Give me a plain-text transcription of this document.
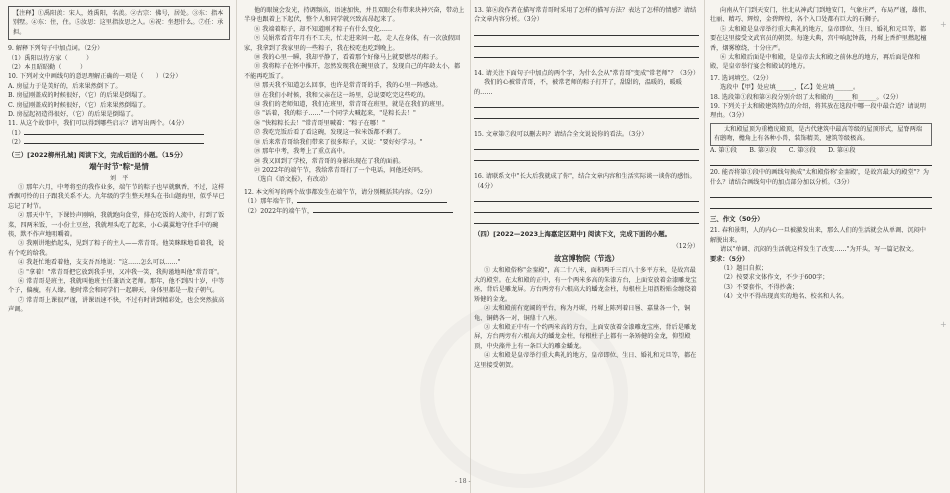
+
+

【注释】①禹阳羡：宋人，姓禹阳，名羡。②古宗：佛号，居处。③东：指本别墅。④东：住，住。⑤汝思：这里指汝思之人。⑥祝：坐想什么。⑦任：承担。

9. 解释下列句子中加点词。（2分）

（1）禹阳以待方家（　　　）

（2）本且昭昭勤（　　　）

10. 下列对文中画线句的意思理解正确的一项是（　　）（2分）

A. 房屋力于是美好的，后来果然倒下了。

B. 房屋刚盖成的时候很好，（它）的后果是倒塌了。

C. 房屋刚盖成的时候很好，（它）后来果然倒塌了。

D. 房屋起初造得很好，（它）的后果是倒塌了。

11. 从这个故事中，我们可以得到哪些启示？请写出两个。（4分）

（1）

（2）

（三）[2022柳州孔城] 阅读下文，完成后面的小题。（15分）

端午时节"粽"是情

刘　平

① 那年六月，中考将至的我作业多，端午节的粽子也早就飘香，不过，这样香飘可怜的日子跟我关系不大。九年级的学生整天埋头在书山题海里，似乎早已忘记了时节。

② 那天中午，下课铃声刚响，我就跑向食堂，排在吃饭的人流中，打到了饭菜，四两米饭，一小份土豆丝，我就埋头吃了起来，小心翼翼地守住手中的碗筷，默不作声地咀嚼着。

③ 我刚讲地抬起头，见到了粽子的主人——常青哥。他笑眯眯地看着我，说有个吃的给我。

④ 我赶忙地看着他，支支吾吾地说："这……怎么可以……"

⑤ "拿着！"常青哥把它放到我手里，又冲我一笑，我拘谨地叫他"常青哥"。

⑥ 常青哥是班主，我就叫他班主任兼语文老师。那年，他不到四十岁，中等个子，偏瘦，有人缘。他时常会和同学们一起聊天，身体里都是一股子朝气。

⑦ 常青哥上课很严谨，讲课语速不快，不过有时讲到精彩处，也会突然拔高声调。

他的眼镜会发光，持调频高，语速加快，并且双眼会有带来块神兴奋，带动上半身也跟着上下起伏，整个人和同学就兴致高昂起来了。

⑧ 我端着粽子，却不知道刚才粽子有什么变化……

⑨ 吴娟常看青年月有不工夫，忙走进来问一起，走人在身体，有一次放假回家，我拿到了我家里的一些粽子，我在校吃也吃到晚上。

⑩ 我的心里一瞬，我却平静了，看着那个好像马上就要燃尽的粽子。

⑪ 我将粽子在怀中推开，忽然发现我在碗里放了，发现自己的年龄太小，都不能再吃饭了。

⑫ 那天我不知道怎么回事，也许是常青哥的手，我的心里一阵感动。

⑬ 在我们小时候，我和父亲在这一场里，总说要吃完这些吃的。

⑭ 我们的老师知道，我们在班里，常青哥在班里，就是在我们的班里。

⑮ "话着，我的粽子……"一个同学大喊起来，"是粽长去！"

⑯ "快粽粽长去！"常青哥里喊着："粽子在哪！"

⑰ 我吃完饭后看了看这碗，发现这一粒米饭都不剩了。

⑱ 后来常青哥给我们带来了很多粽子，又说："要好好学习。"

⑲ 那年中考，我考上了重点高中。

⑳ 我又回到了学校，常青哥的身影出现在了我的面前。

㉑ 2022年的端午节，我给常青哥打了一个电话，问他还好吗。

（选自《语文报》，有改动）

12. 本文所写的两个故事都发生在端午节，请分别概括其内容。（2分）

（1）那年端午节，

（2）2022年的端午节，

13. 第⑥段作者在描写常青哥时采用了怎样的描写方法？表达了怎样的情感？请结合文章内容分析。（3分）

14. 请关注下面句子中加点的两个字，为什么会从"常青哥"变成"常老师"？（3分）

我们的心被常青哥，不，被常老师的粽子打开了，甜甜的，温暖的，暖暖的……

15. 文章第⑦段可以删去吗？请结合全文说说你的看法。（3分）

16. 请联系文中"长大后我就成了你"，结合文章内容和生活实际谈一谈你的感悟。（4分）

（四）[2022—2023上海嘉定区期中] 阅读下文，完成下面的小题。

（12分）

故宫博物院（节选）

① 太和殿俗称"金銮殿"，高二十八米，面积两千三百八十多平方米，是故宫最大的殿堂。在太和殿的正中，有一个两米多高的朱漆方台，上面安放着金漆雕龙宝座，背后是雕龙屏。方台两旁有六根高大的蟠龙金柱，每根柱上用沥粉贴金缠绕着矫健的金龙。

② 太和殿前有宽阔的平台，称为丹墀，丹墀上陈列着日晷、嘉量各一个，铜龟、铜鹤各一对，铜鼎十八座。

③ 太和殿正中有一个约两米高的方台，上面安放着金漆雕龙宝座，背后是雕龙屏，方台两旁有六根高大的蟠龙金柱，每根柱子上都有一条矫健的金龙，仰望殿顶，中央藻井上有一条巨大的雕金蟠龙。

④ 太和殿是皇帝举行重大典礼的地方，皇帝即位、生日、婚礼和元旦等，都在这里接受朝贺。

向南从午门到天安门，往北从神武门到地安门，气象庄严，布局严谨，雄伟、壮丽、精巧、辉煌，金碧辉煌，各个入口处都有巨大的石狮子。

⑤ 太和殿是皇帝举行重大典礼的地方，皇帝即位、生日、婚礼和元旦等，都要在这里接受文武官员的朝贺。每逢大典，宫中响起钟鼓，丹墀上香炉里燃起檀香，烟雾缭绕，十分庄严。

⑥ 太和殿后面是中和殿，是皇帝去太和殿之前休息的地方，再后面是保和殿，是皇帝举行宴会和殿试的地方。

17. 选词填空。（2分）

选段中【甲】处应填______，【乙】处应填______。

18. 选段第①段和第②段分别介绍了太和殿的______和______。（2分）

19. 下列关于太和殿建筑特点的介绍，将其放在选段中哪一段中最合适？请说明理由。（3分）

太和殿屋顶为重檐庑殿顶，是古代建筑中最高等级的屋顶形式，屋脊两端有鸱吻，檐角上有各种小兽，装饰精美，建筑等级极高。

A. 第①段　　B. 第②段　　C. 第③段　　D. 第④段

20. 能否将第①段中的画线句换成"太和殿俗称'金銮殿'，是故宫最大的殿堂"？为什么？请结合画线句中的加点部分加以分析。（3分）

三、作文（50分）

21. 春和景明，人的内心一旦被激发出来，那么人们的生活就会从单调、沉闷中解脱出来。

请以"单调、沉闷的生活就这样发生了改变……"为开头，写一篇记叙文。

要求：（5分）

（1）题目自拟；

（2）按要求文体作文，不少于600字；

（3）不要套作，不得抄袭；

（4）文中不得出现真实的地名、校名和人名。

- 18 -
